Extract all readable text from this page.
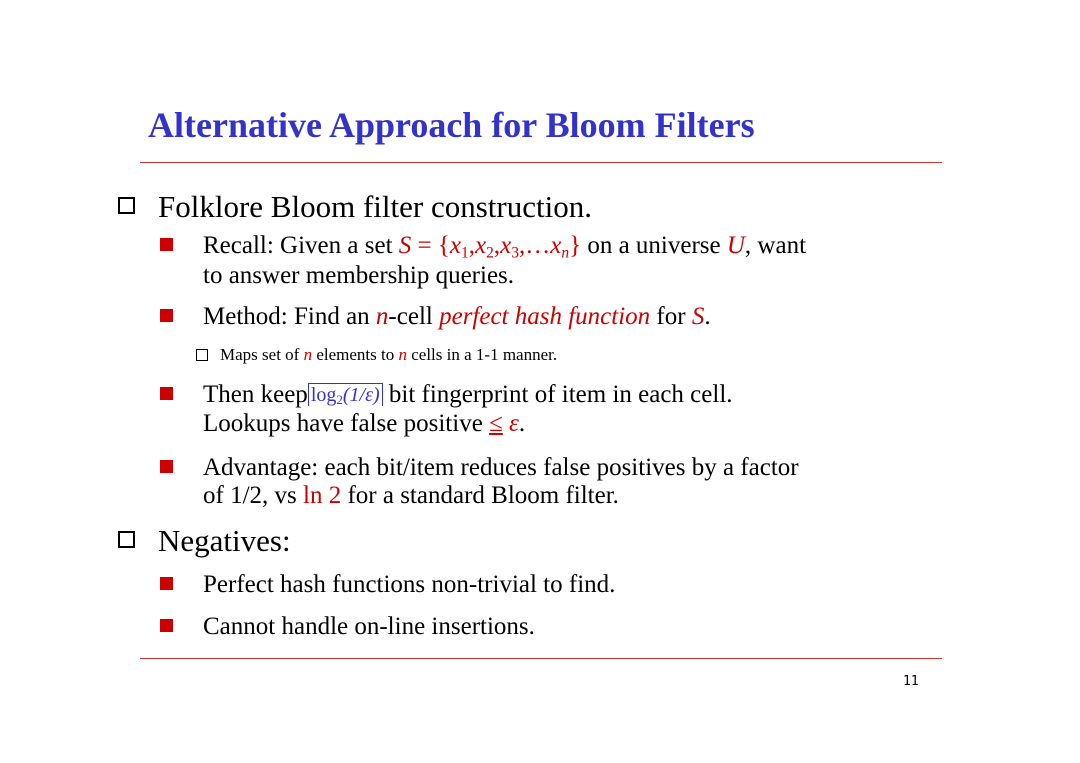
Alternative Approach for Bloom Filters
Folklore Bloom filter construction.
Recall: Given a set $S = \{x_1,x_2,x_3,\dots x_n\}$ on a universe U, want
to answer membership queries.
Method: Find an n-cell perfect hash function for S.
Maps set of n elements to n cells in a 1-1 manner.
Then keep $\log_2(1/\varepsilon)$ bit fingerprint of item in each cell.
Lookups have false positive ≤ ε.
Advantage: each bit/item reduces false positives by a factor
of 1/2, vs ln 2 for a standard Bloom filter.
Negatives:
Perfect hash functions non-trivial to find.
Cannot handle on-line insertions.
11
